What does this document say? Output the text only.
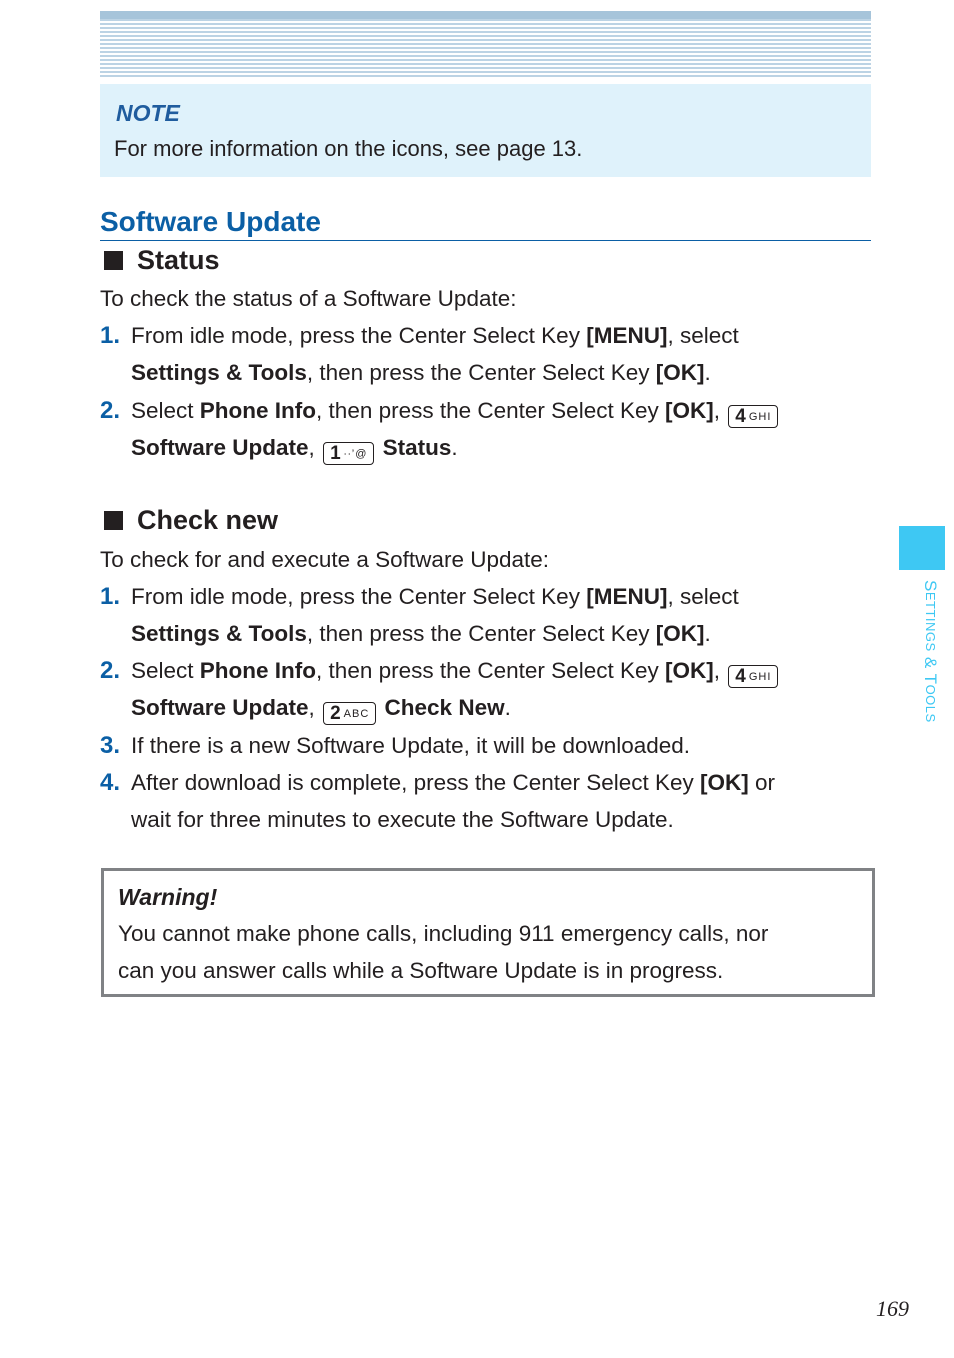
NOTE
For more information on the icons, see page 13.
Software Update
Status
To check the status of a Software Update:
1. From idle mode, press the Center Select Key [MENU], select
Settings & Tools, then press the Center Select Key [OK].
2. Select Phone Info, then press the Center Select Key [OK], 4 GHI
Software Update, 1 ∙∙’@ Status.
Check new
To check for and execute a Software Update:
1. From idle mode, press the Center Select Key [MENU], select
Settings & Tools, then press the Center Select Key [OK].
2. Select Phone Info, then press the Center Select Key [OK], 4 GHI
Software Update, 2 ABC Check New.
3. If there is a new Software Update, it will be downloaded.
4. After download is complete, press the Center Select Key [OK] or
wait for three minutes to execute the Software Update.
Warning!
You cannot make phone calls, including 911 emergency calls, nor
can you answer calls while a Software Update is in progress.
SETTINGS & TOOLS
169
